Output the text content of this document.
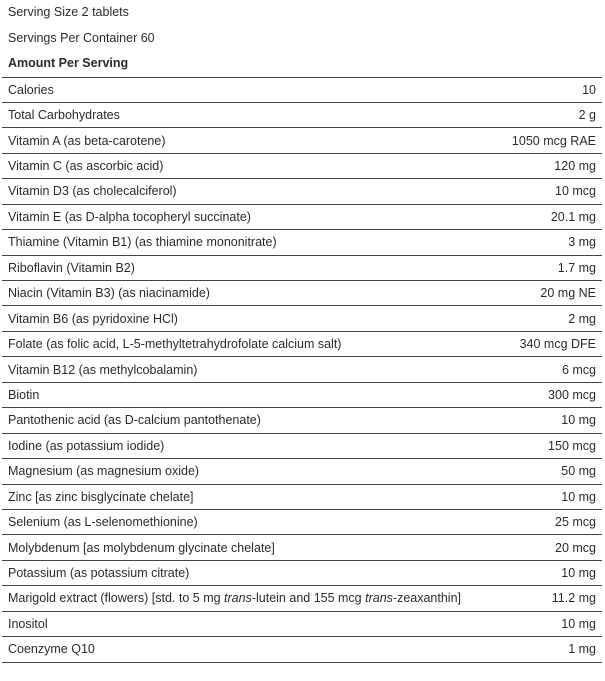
Serving Size 2 tablets
Servings Per Container 60
Amount Per Serving
Calories	10
Total Carbohydrates	2 g
Vitamin A (as beta-carotene)	1050 mcg RAE
Vitamin C (as ascorbic acid)	120 mg
Vitamin D3 (as cholecalciferol)	10 mcg
Vitamin E (as D-alpha tocopheryl succinate)	20.1 mg
Thiamine (Vitamin B1) (as thiamine mononitrate)	3 mg
Riboflavin (Vitamin B2)	1.7 mg
Niacin (Vitamin B3) (as niacinamide)	20 mg NE
Vitamin B6 (as pyridoxine HCl)	2 mg
Folate (as folic acid, L-5-methyltetrahydrofolate calcium salt)	340 mcg DFE
Vitamin B12 (as methylcobalamin)	6 mcg
Biotin	300 mcg
Pantothenic acid (as D-calcium pantothenate)	10 mg
Iodine (as potassium iodide)	150 mcg
Magnesium (as magnesium oxide)	50 mg
Zinc [as zinc bisglycinate chelate]	10 mg
Selenium (as L-selenomethionine)	25 mcg
Molybdenum [as molybdenum glycinate chelate]	20 mcg
Potassium (as potassium citrate)	10 mg
Marigold extract (flowers) [std. to 5 mg trans-lutein and 155 mcg trans-zeaxanthin]	11.2 mg
Inositol	10 mg
Coenzyme Q10	1 mg
